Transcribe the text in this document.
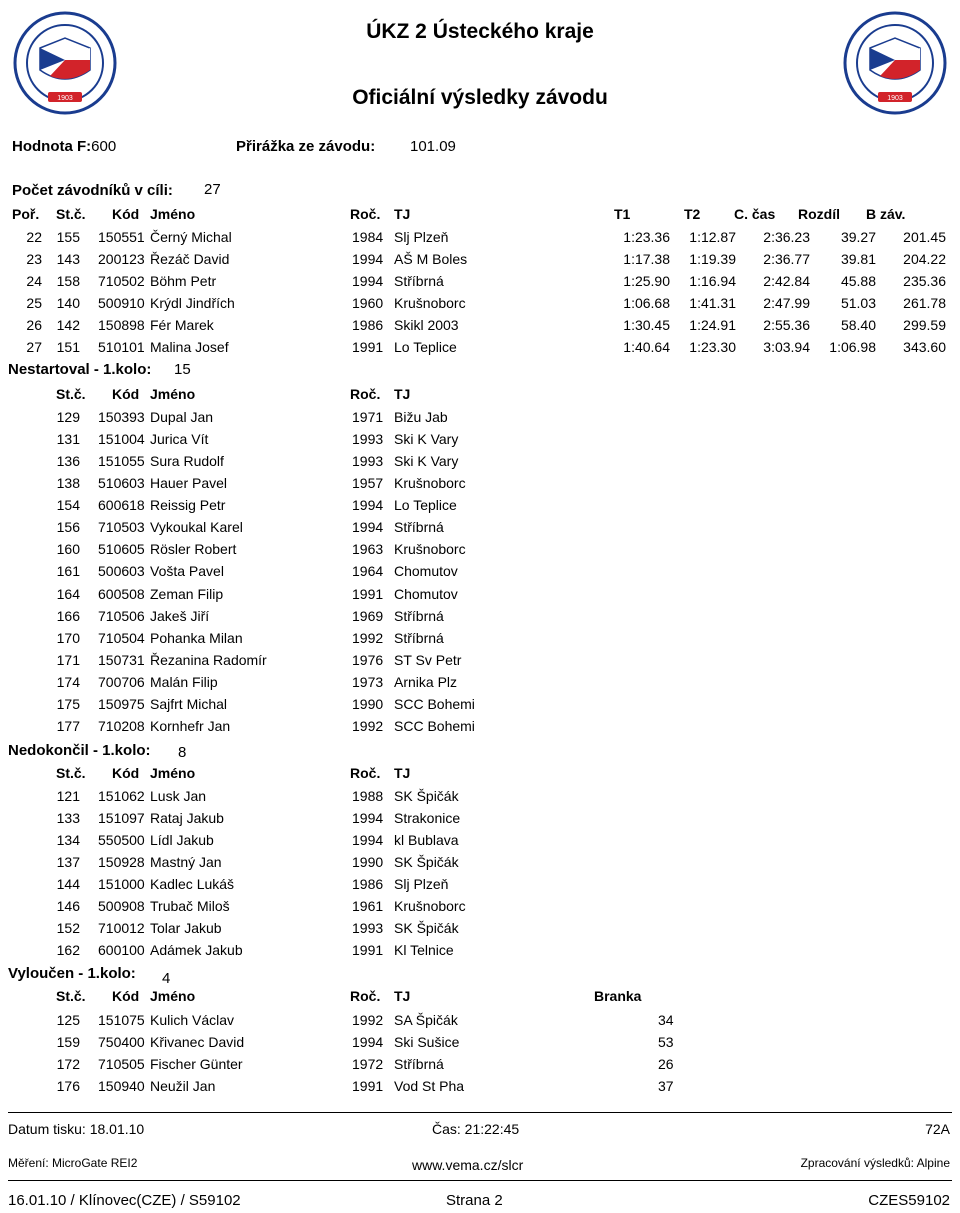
1903	1903
ÚKZ 2 Ústeckého kraje
Oficiální výsledky závodu
Hodnota F:600	Přirážka ze závodu: 101.09
Počet závodníků v cíli: 27
Poř. St.č. Kód Jméno	Roč. TJ	T1	T2 C. čas Rozdíl B záv.
22	155 150551 Černý Michal	1984 Slj Plzeň	1:23.36	1:12.87	2:36.23	39.27	201.45
23	143 200123 Řezáč David	1994 AŠ M Boles	1:17.38	1:19.39	2:36.77	39.81	204.22
24	158 710502 Böhm Petr	1994 Stříbrná	1:25.90	1:16.94	2:42.84	45.88	235.36
25	140 500910 Krýdl Jindřích	1960 Krušnoborc	1:06.68	1:41.31	2:47.99	51.03	261.78
26	142 150898 Fér Marek	1986 Skikl 2003	1:30.45	1:24.91	2:55.36	58.40	299.59
27	151 510101 Malina Josef	1991 Lo Teplice	1:40.64	1:23.30	3:03.94	1:06.98	343.60
Nestartoval - 1.kolo: 15
St.č. Kód Jméno	Roč. TJ
129 150393 Dupal Jan	1971 Bižu Jab
131 151004 Jurica Vít	1993 Ski K Vary
136 151055 Sura Rudolf	1993 Ski K Vary
138 510603 Hauer Pavel	1957 Krušnoborc
154 600618 Reissig Petr	1994 Lo Teplice
156 710503 Vykoukal Karel	1994 Stříbrná
160 510605 Rösler Robert	1963 Krušnoborc
161 500603 Vošta Pavel	1964 Chomutov
164 600508 Zeman Filip	1991 Chomutov
166 710506 Jakeš Jiří	1969 Stříbrná
170 710504 Pohanka Milan	1992 Stříbrná
171 150731 Řezanina Radomír	1976 ST Sv Petr
174 700706 Malán Filip	1973 Arnika Plz
175 150975 Sajfrt Michal	1990 SCC Bohemi
177 710208 Kornhefr Jan	1992 SCC Bohemi
Nedokončil - 1.kolo: 8
St.č. Kód Jméno	Roč. TJ
121 151062 Lusk Jan	1988 SK Špičák
133 151097 Rataj Jakub	1994 Strakonice
134 550500 Lídl Jakub	1994 kl Bublava
137 150928 Mastný Jan	1990 SK Špičák
144 151000 Kadlec Lukáš	1986 Slj Plzeň
146 500908 Trubač Miloš	1961 Krušnoborc
152 710012 Tolar Jakub	1993 SK Špičák
162 600100 Adámek Jakub	1991 Kl Telnice
Vyloučen - 1.kolo: 4
St.č. Kód Jméno	Roč. TJ	Branka
125 151075 Kulich Václav	1992 SA Špičák	34
159 750400 Křivanec David	1994 Ski Sušice	53
172 710505 Fischer Günter	1972 Stříbrná	26
176 150940 Neužil Jan	1991 Vod St Pha	37
Datum tisku: 18.01.10	Čas: 21:22:45	72A
Měření: MicroGate REI2	www.vema.cz/slcr	Zpracování výsledků: Alpine
16.01.10 / Klínovec(CZE) / S59102	Strana 2	CZES59102
